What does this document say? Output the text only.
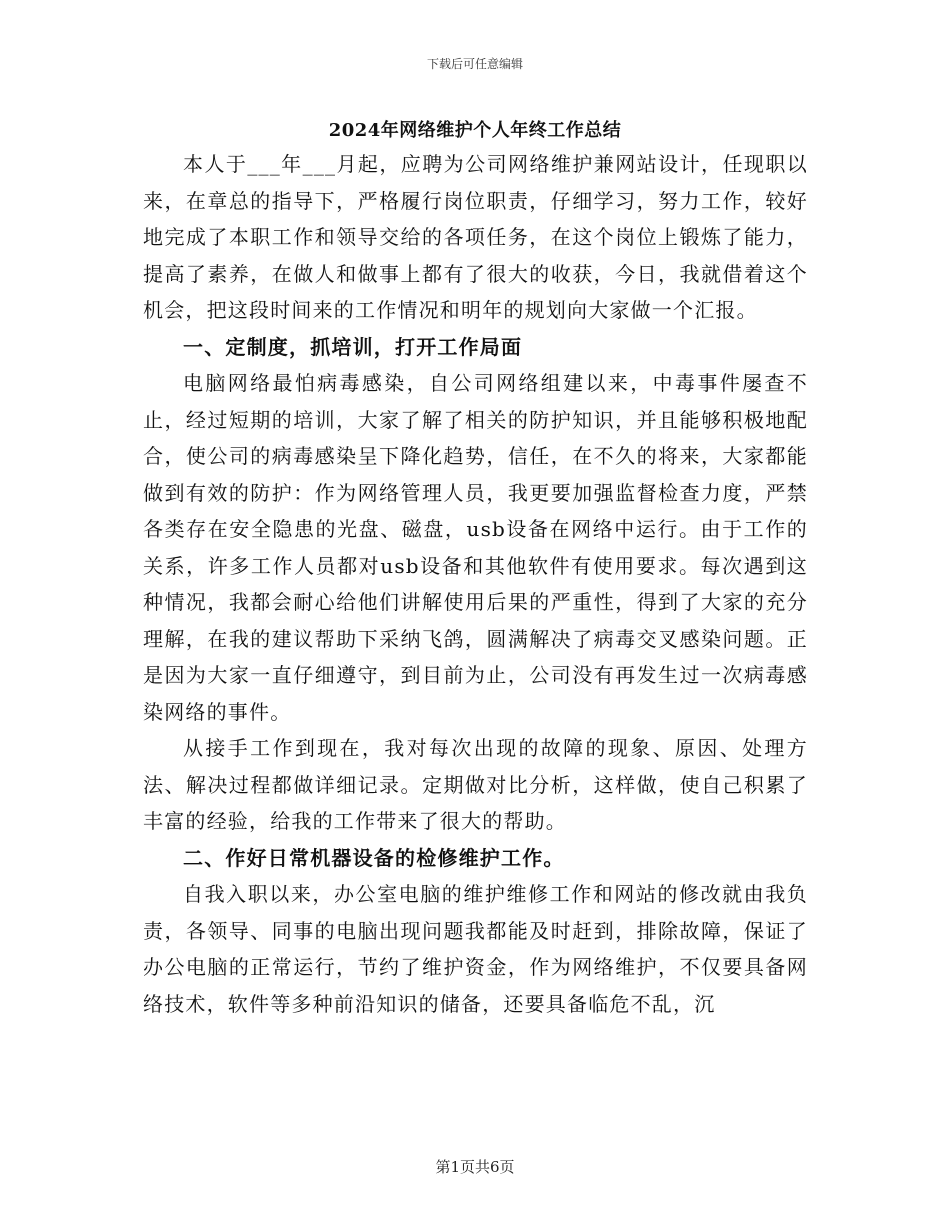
下载后可任意编辑
2024年网络维护个人年终工作总结

本人于___年___月起，应聘为公司网络维护兼网站设计，任现职以来，在章总的指导下，严格履行岗位职责，仔细学习，努力工作，较好地完成了本职工作和领导交给的各项任务，在这个岗位上锻炼了能力，提高了素养，在做人和做事上都有了很大的收获，今日，我就借着这个机会，把这段时间来的工作情况和明年的规划向大家做一个汇报。

一、定制度，抓培训，打开工作局面

电脑网络最怕病毒感染，自公司网络组建以来，中毒事件屡查不止，经过短期的培训，大家了解了相关的防护知识，并且能够积极地配合，使公司的病毒感染呈下降化趋势，信任，在不久的将来，大家都能做到有效的防护：作为网络管理人员，我更要加强监督检查力度，严禁各类存在安全隐患的光盘、磁盘，usb设备在网络中运行。由于工作的关系，许多工作人员都对usb设备和其他软件有使用要求。每次遇到这种情况，我都会耐心给他们讲解使用后果的严重性，得到了大家的充分理解，在我的建议帮助下采纳飞鸽，圆满解决了病毒交叉感染问题。正是因为大家一直仔细遵守，到目前为止，公司没有再发生过一次病毒感染网络的事件。

从接手工作到现在，我对每次出现的故障的现象、原因、处理方法、解决过程都做详细记录。定期做对比分析，这样做，使自己积累了丰富的经验，给我的工作带来了很大的帮助。

二、作好日常机器设备的检修维护工作。

自我入职以来，办公室电脑的维护维修工作和网站的修改就由我负责，各领导、同事的电脑出现问题我都能及时赶到，排除故障，保证了办公电脑的正常运行，节约了维护资金，作为网络维护，不仅要具备网络技术，软件等多种前沿知识的储备，还要具备临危不乱，沉

第1页共6页
